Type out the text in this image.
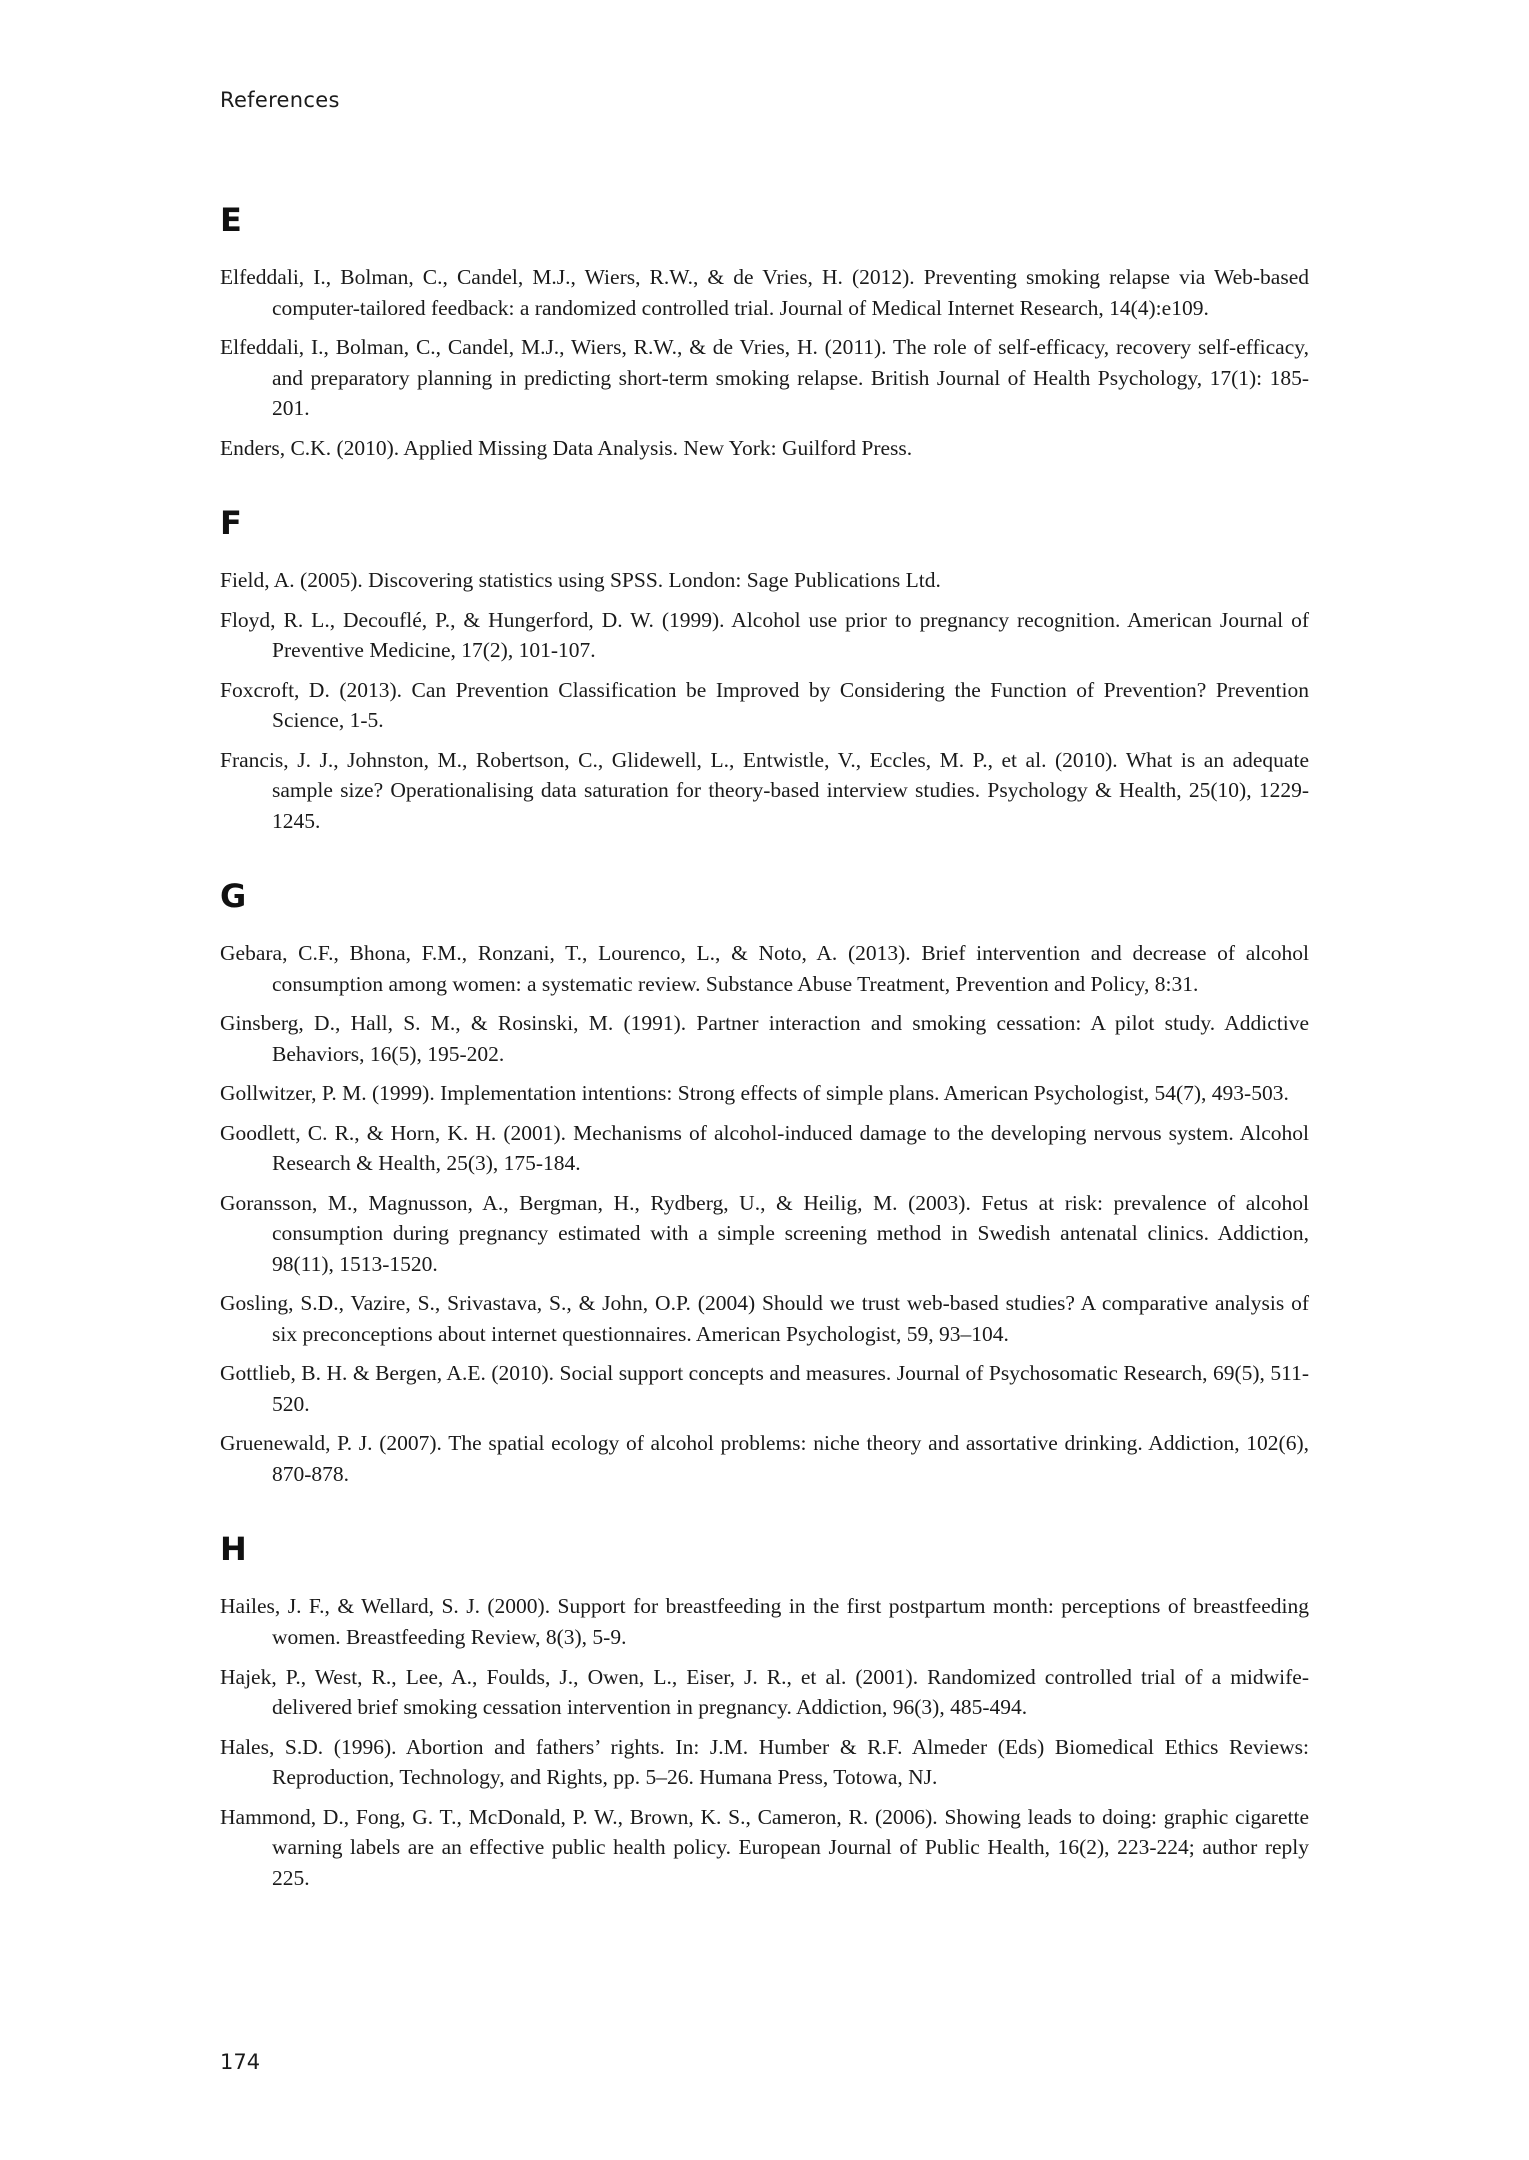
References
E

Elfeddali, I., Bolman, C., Candel, M.J., Wiers, R.W., & de Vries, H. (2012). Preventing smoking relapse via Web-based computer-tailored feedback: a randomized controlled trial. Journal of Medical Internet Research, 14(4):e109.

Elfeddali, I., Bolman, C., Candel, M.J., Wiers, R.W., & de Vries, H. (2011). The role of self-efficacy, recovery self-efficacy, and preparatory planning in predicting short-term smoking relapse. British Journal of Health Psychology, 17(1): 185-201.

Enders, C.K. (2010). Applied Missing Data Analysis. New York: Guilford Press.

F

Field, A. (2005). Discovering statistics using SPSS. London: Sage Publications Ltd.

Floyd, R. L., Decouflé, P., & Hungerford, D. W. (1999). Alcohol use prior to pregnancy recognition. American Journal of Preventive Medicine, 17(2), 101-107.

Foxcroft, D. (2013). Can Prevention Classification be Improved by Considering the Function of Prevention? Prevention Science, 1-5.

Francis, J. J., Johnston, M., Robertson, C., Glidewell, L., Entwistle, V., Eccles, M. P., et al. (2010). What is an adequate sample size? Operationalising data saturation for theory-based interview studies. Psychology & Health, 25(10), 1229-1245.

G

Gebara, C.F., Bhona, F.M., Ronzani, T., Lourenco, L., & Noto, A. (2013). Brief intervention and decrease of alcohol consumption among women: a systematic review. Substance Abuse Treatment, Prevention and Policy, 8:31.

Ginsberg, D., Hall, S. M., & Rosinski, M. (1991). Partner interaction and smoking cessation: A pilot study. Addictive Behaviors, 16(5), 195-202.

Gollwitzer, P. M. (1999). Implementation intentions: Strong effects of simple plans. American Psychologist, 54(7), 493-503.

Goodlett, C. R., & Horn, K. H. (2001). Mechanisms of alcohol-induced damage to the developing nervous system. Alcohol Research & Health, 25(3), 175-184.

Goransson, M., Magnusson, A., Bergman, H., Rydberg, U., & Heilig, M. (2003). Fetus at risk: prevalence of alcohol consumption during pregnancy estimated with a simple screening method in Swedish antenatal clinics. Addiction, 98(11), 1513-1520.

Gosling, S.D., Vazire, S., Srivastava, S., & John, O.P. (2004) Should we trust web-based studies? A comparative analysis of six preconceptions about internet questionnaires. American Psychologist, 59, 93–104.

Gottlieb, B. H. & Bergen, A.E. (2010). Social support concepts and measures. Journal of Psychosomatic Research, 69(5), 511-520.

Gruenewald, P. J. (2007). The spatial ecology of alcohol problems: niche theory and assortative drinking. Addiction, 102(6), 870-878.

H

Hailes, J. F., & Wellard, S. J. (2000). Support for breastfeeding in the first postpartum month: perceptions of breastfeeding women. Breastfeeding Review, 8(3), 5-9.

Hajek, P., West, R., Lee, A., Foulds, J., Owen, L., Eiser, J. R., et al. (2001). Randomized controlled trial of a midwife-delivered brief smoking cessation intervention in pregnancy. Addiction, 96(3), 485-494.

Hales, S.D. (1996). Abortion and fathers’ rights. In: J.M. Humber & R.F. Almeder (Eds) Biomedical Ethics Reviews: Reproduction, Technology, and Rights, pp. 5–26. Humana Press, Totowa, NJ.

Hammond, D., Fong, G. T., McDonald, P. W., Brown, K. S., Cameron, R. (2006). Showing leads to doing: graphic cigarette warning labels are an effective public health policy. European Journal of Public Health, 16(2), 223-224; author reply 225.

174
